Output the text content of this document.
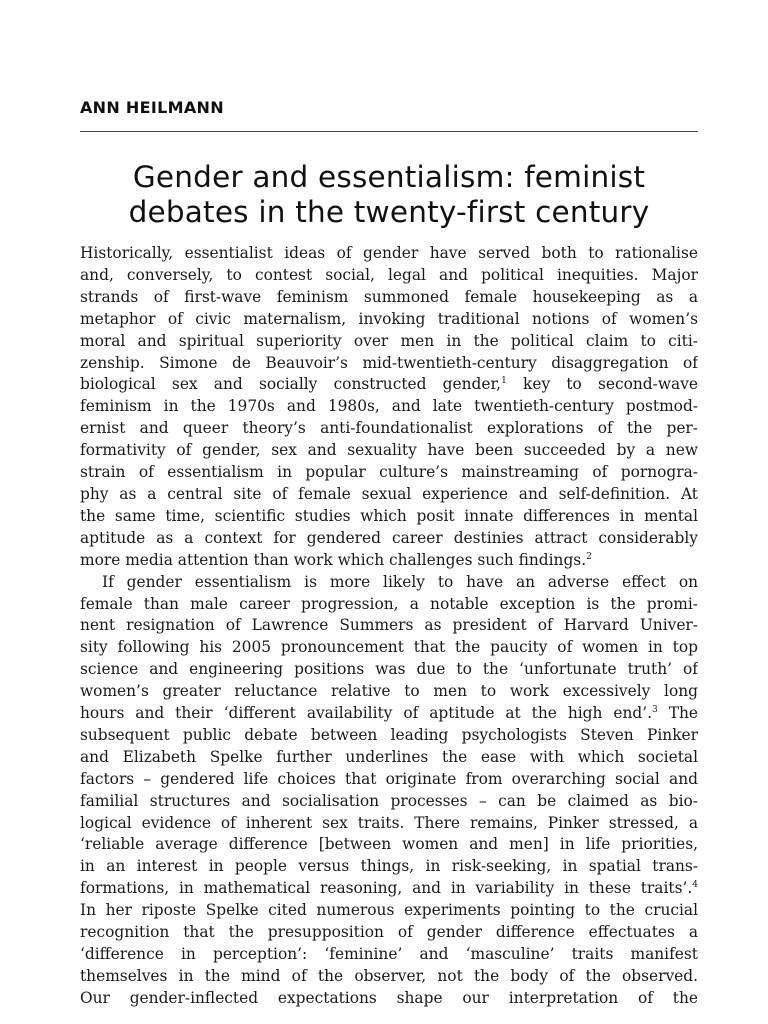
ANN HEILMANN

Gender and essentialism: feminist
debates in the twenty-first century
Historically, essentialist ideas of gender have served both to rationalise
and, conversely, to contest social, legal and political inequities. Major
strands of first-wave feminism summoned female housekeeping as a
metaphor of civic maternalism, invoking traditional notions of women’s
moral and spiritual superiority over men in the political claim to citi-
zenship. Simone de Beauvoir’s mid-twentieth-century disaggregation of
biological sex and socially constructed gender,$^1$ key to second-wave
feminism in the 1970s and 1980s, and late twentieth-century postmod-
ernist and queer theory’s anti-foundationalist explorations of the per-
formativity of gender, sex and sexuality have been succeeded by a new
strain of essentialism in popular culture’s mainstreaming of pornogra-
phy as a central site of female sexual experience and self-definition. At
the same time, scientific studies which posit innate differences in mental
aptitude as a context for gendered career destinies attract considerably
more media attention than work which challenges such findings.$^2$
If gender essentialism is more likely to have an adverse effect on
female than male career progression, a notable exception is the promi-
nent resignation of Lawrence Summers as president of Harvard Univer-
sity following his 2005 pronouncement that the paucity of women in top
science and engineering positions was due to the ‘unfortunate truth’ of
women’s greater reluctance relative to men to work excessively long
hours and their ‘different availability of aptitude at the high end’.$^3$ The
subsequent public debate between leading psychologists Steven Pinker
and Elizabeth Spelke further underlines the ease with which societal
factors – gendered life choices that originate from overarching social and
familial structures and socialisation processes – can be claimed as bio-
logical evidence of inherent sex traits. There remains, Pinker stressed, a
‘reliable average difference [between women and men] in life priorities,
in an interest in people versus things, in risk-seeking, in spatial trans-
formations, in mathematical reasoning, and in variability in these traits’.$^4$
In her riposte Spelke cited numerous experiments pointing to the crucial
recognition that the presupposition of gender difference effectuates a
‘difference in perception’: ‘feminine’ and ‘masculine’ traits manifest
themselves in the mind of the observer, not the body of the observed.
Our gender-inflected expectations shape our interpretation of the
